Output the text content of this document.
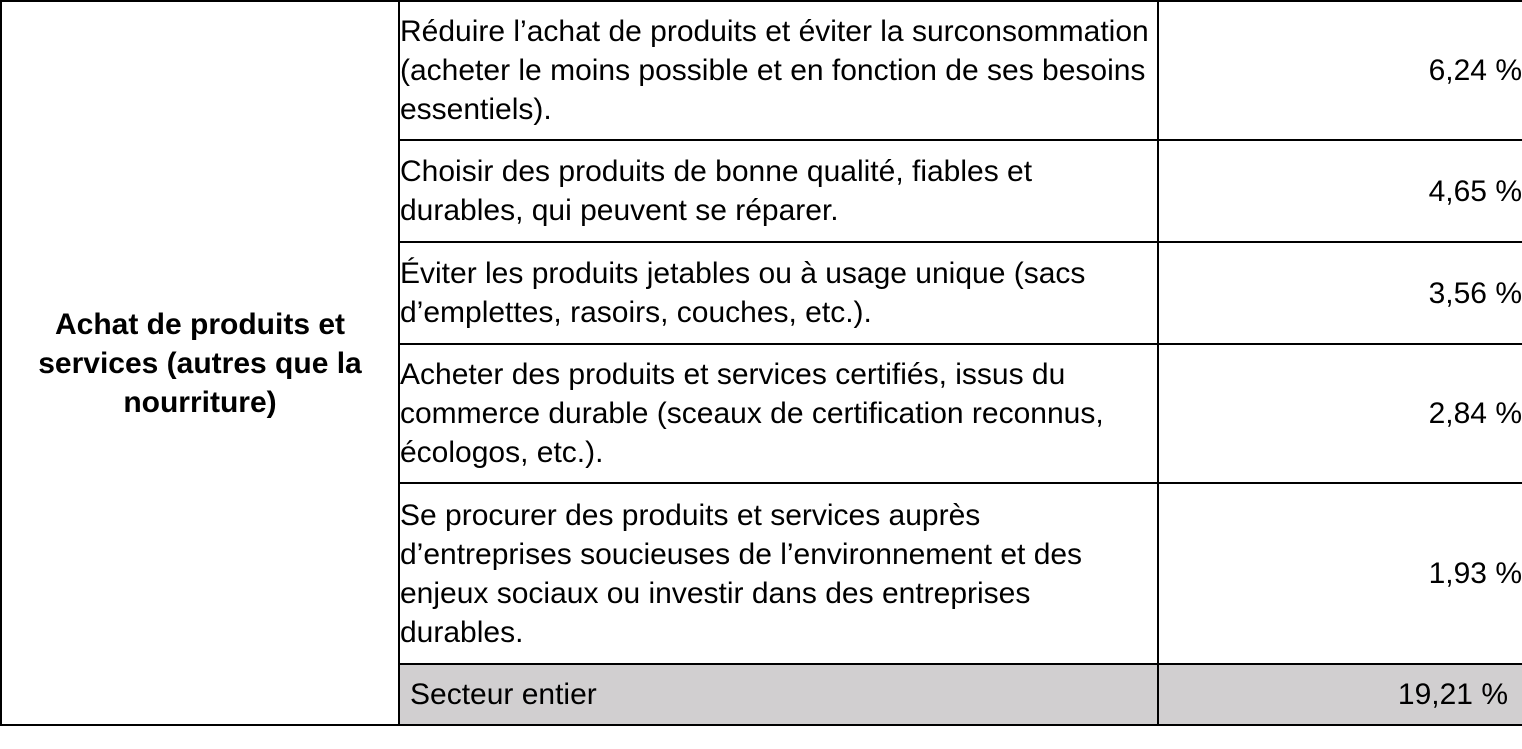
Achat de produits et services (autres que la nourriture)	Réduire l’achat de produits et éviter la surconsommation (acheter le moins possible et en fonction de ses besoins essentiels).	6,24 %
	Choisir des produits de bonne qualité, fiables et durables, qui peuvent se réparer.	4,65 %
	Éviter les produits jetables ou à usage unique (sacs d’emplettes, rasoirs, couches, etc.).	3,56 %
	Acheter des produits et services certifiés, issus du commerce durable (sceaux de certification reconnus, écologos, etc.).	2,84 %
	Se procurer des produits et services auprès d’entreprises soucieuses de l’environnement et des enjeux sociaux ou investir dans des entreprises durables.	1,93 %
	Secteur entier	19,21 %
